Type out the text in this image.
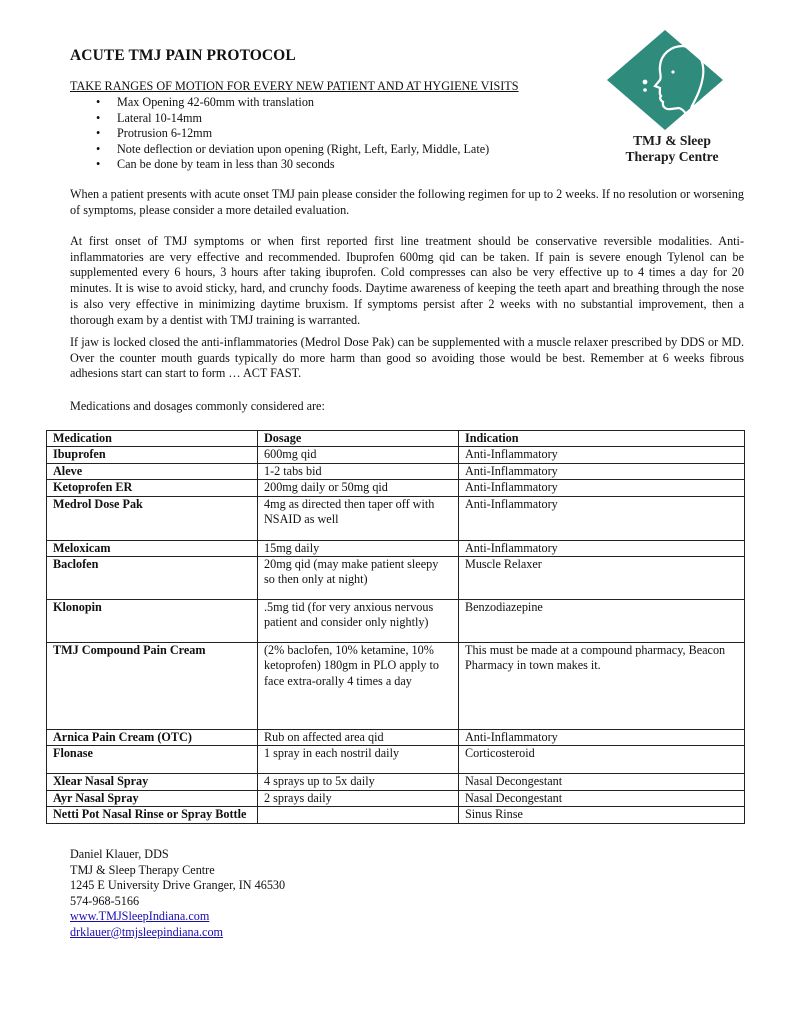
ACUTE TMJ PAIN PROTOCOL
TMJ & Sleep
Therapy Centre
TAKE RANGES OF MOTION FOR EVERY NEW PATIENT AND AT HYGIENE VISITS
• Max Opening 42-60mm with translation
• Lateral 10-14mm
• Protrusion 6-12mm
• Note deflection or deviation upon opening (Right, Left, Early, Middle, Late)
• Can be done by team in less than 30 seconds

When a patient presents with acute onset TMJ pain please consider the following regimen for up to 2 weeks. If no resolution or worsening of symptoms, please consider a more detailed evaluation.

At first onset of TMJ symptoms or when first reported first line treatment should be conservative reversible modalities. Anti-inflammatories are very effective and recommended. Ibuprofen 600mg qid can be taken. If pain is severe enough Tylenol can be supplemented every 6 hours, 3 hours after taking ibuprofen. Cold compresses can also be very effective up to 4 times a day for 20 minutes. It is wise to avoid sticky, hard, and crunchy foods. Daytime awareness of keeping the teeth apart and breathing through the nose is also very effective in minimizing daytime bruxism. If symptoms persist after 2 weeks with no substantial improvement, then a thorough exam by a dentist with TMJ training is warranted.

If jaw is locked closed the anti-inflammatories (Medrol Dose Pak) can be supplemented with a muscle relaxer prescribed by DDS or MD. Over the counter mouth guards typically do more harm than good so avoiding those would be best. Remember at 6 weeks fibrous adhesions start can start to form … ACT FAST.

Medications and dosages commonly considered are:

Medication	Dosage	Indication
Ibuprofen	600mg qid	Anti-Inflammatory
Aleve	1-2 tabs bid	Anti-Inflammatory
Ketoprofen ER	200mg daily or 50mg qid	Anti-Inflammatory
Medrol Dose Pak	4mg as directed then taper off with NSAID as well	Anti-Inflammatory
Meloxicam	15mg daily	Anti-Inflammatory
Baclofen	20mg qid (may make patient sleepy so then only at night)	Muscle Relaxer
Klonopin	.5mg tid (for very anxious nervous patient and consider only nightly)	Benzodiazepine
TMJ Compound Pain Cream	(2% baclofen, 10% ketamine, 10% ketoprofen) 180gm in PLO apply to face extra-orally 4 times a day	This must be made at a compound pharmacy, Beacon Pharmacy in town makes it.
Arnica Pain Cream (OTC)	Rub on affected area qid	Anti-Inflammatory
Flonase	1 spray in each nostril daily	Corticosteroid
Xlear Nasal Spray	4 sprays up to 5x daily	Nasal Decongestant
Ayr Nasal Spray	2 sprays daily	Nasal Decongestant
Netti Pot Nasal Rinse or Spray Bottle		Sinus Rinse
Daniel Klauer, DDS
TMJ & Sleep Therapy Centre
1245 E University Drive Granger, IN 46530
574-968-5166
www.TMJSleepIndiana.com
drklauer@tmjsleepindiana.com
